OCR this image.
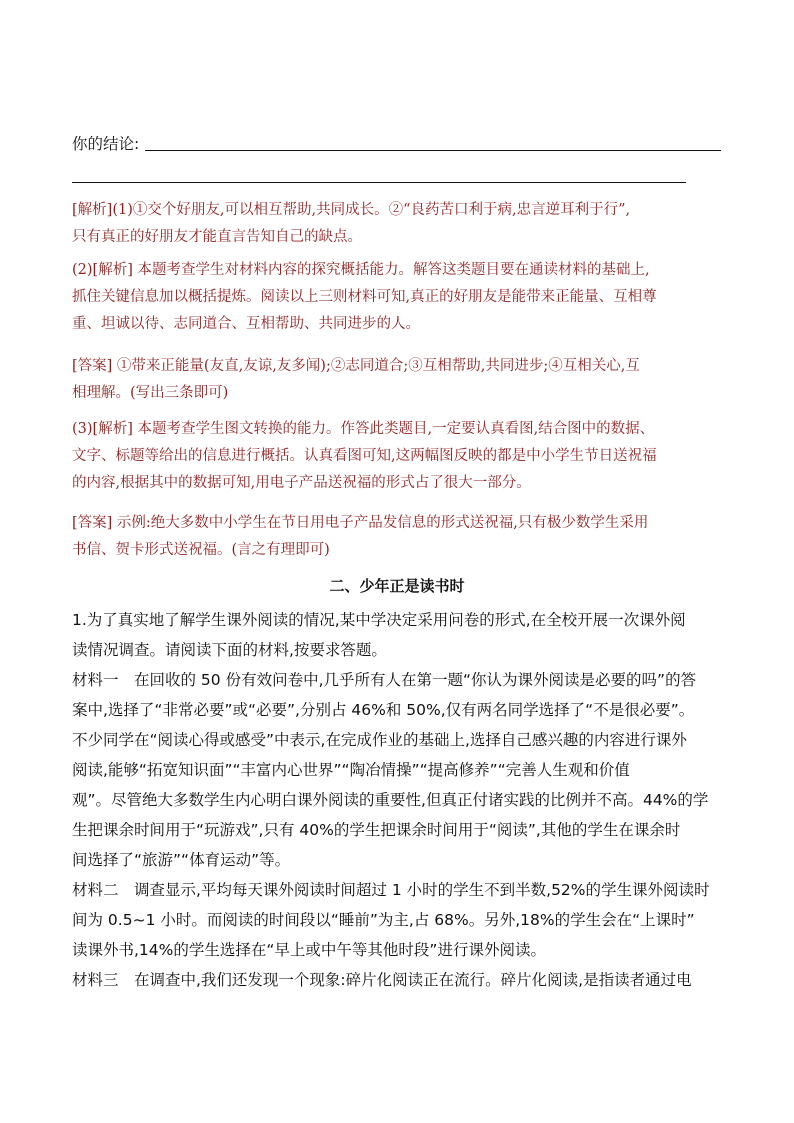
你的结论:
[解析](1)①交个好朋友,可以相互帮助,共同成长。②“良药苦口利于病,忠言逆耳利于行”,
只有真正的好朋友才能直言告知自己的缺点。
(2)[解析] 本题考查学生对材料内容的探究概括能力。解答这类题目要在通读材料的基础上,
抓住关键信息加以概括提炼。阅读以上三则材料可知,真正的好朋友是能带来正能量、互相尊
重、坦诚以待、志同道合、互相帮助、共同进步的人。
[答案] ①带来正能量(友直,友谅,友多闻);②志同道合;③互相帮助,共同进步;④互相关心,互
相理解。(写出三条即可)
(3)[解析] 本题考查学生图文转换的能力。作答此类题目,一定要认真看图,结合图中的数据、
文字、标题等给出的信息进行概括。认真看图可知,这两幅图反映的都是中小学生节日送祝福
的内容,根据其中的数据可知,用电子产品送祝福的形式占了很大一部分。
[答案] 示例:绝大多数中小学生在节日用电子产品发信息的形式送祝福,只有极少数学生采用
书信、贺卡形式送祝福。(言之有理即可)
二、少年正是读书时
1.为了真实地了解学生课外阅读的情况,某中学决定采用问卷的形式,在全校开展一次课外阅
读情况调查。请阅读下面的材料,按要求答题。
材料一　在回收的 50 份有效问卷中,几乎所有人在第一题“你认为课外阅读是必要的吗”的答
案中,选择了“非常必要”或“必要”,分别占 46%和 50%,仅有两名同学选择了“不是很必要”。
不少同学在“阅读心得或感受”中表示,在完成作业的基础上,选择自己感兴趣的内容进行课外
阅读,能够“拓宽知识面”“丰富内心世界”“陶冶情操”“提高修养”“完善人生观和价值
观”。尽管绝大多数学生内心明白课外阅读的重要性,但真正付诸实践的比例并不高。44%的学
生把课余时间用于“玩游戏”,只有 40%的学生把课余时间用于“阅读”,其他的学生在课余时
间选择了“旅游”“体育运动”等。
材料二　调查显示,平均每天课外阅读时间超过 1 小时的学生不到半数,52%的学生课外阅读时
间为 0.5~1 小时。而阅读的时间段以“睡前”为主,占 68%。另外,18%的学生会在“上课时”
读课外书,14%的学生选择在“早上或中午等其他时段”进行课外阅读。
材料三　在调查中,我们还发现一个现象:碎片化阅读正在流行。碎片化阅读,是指读者通过电
